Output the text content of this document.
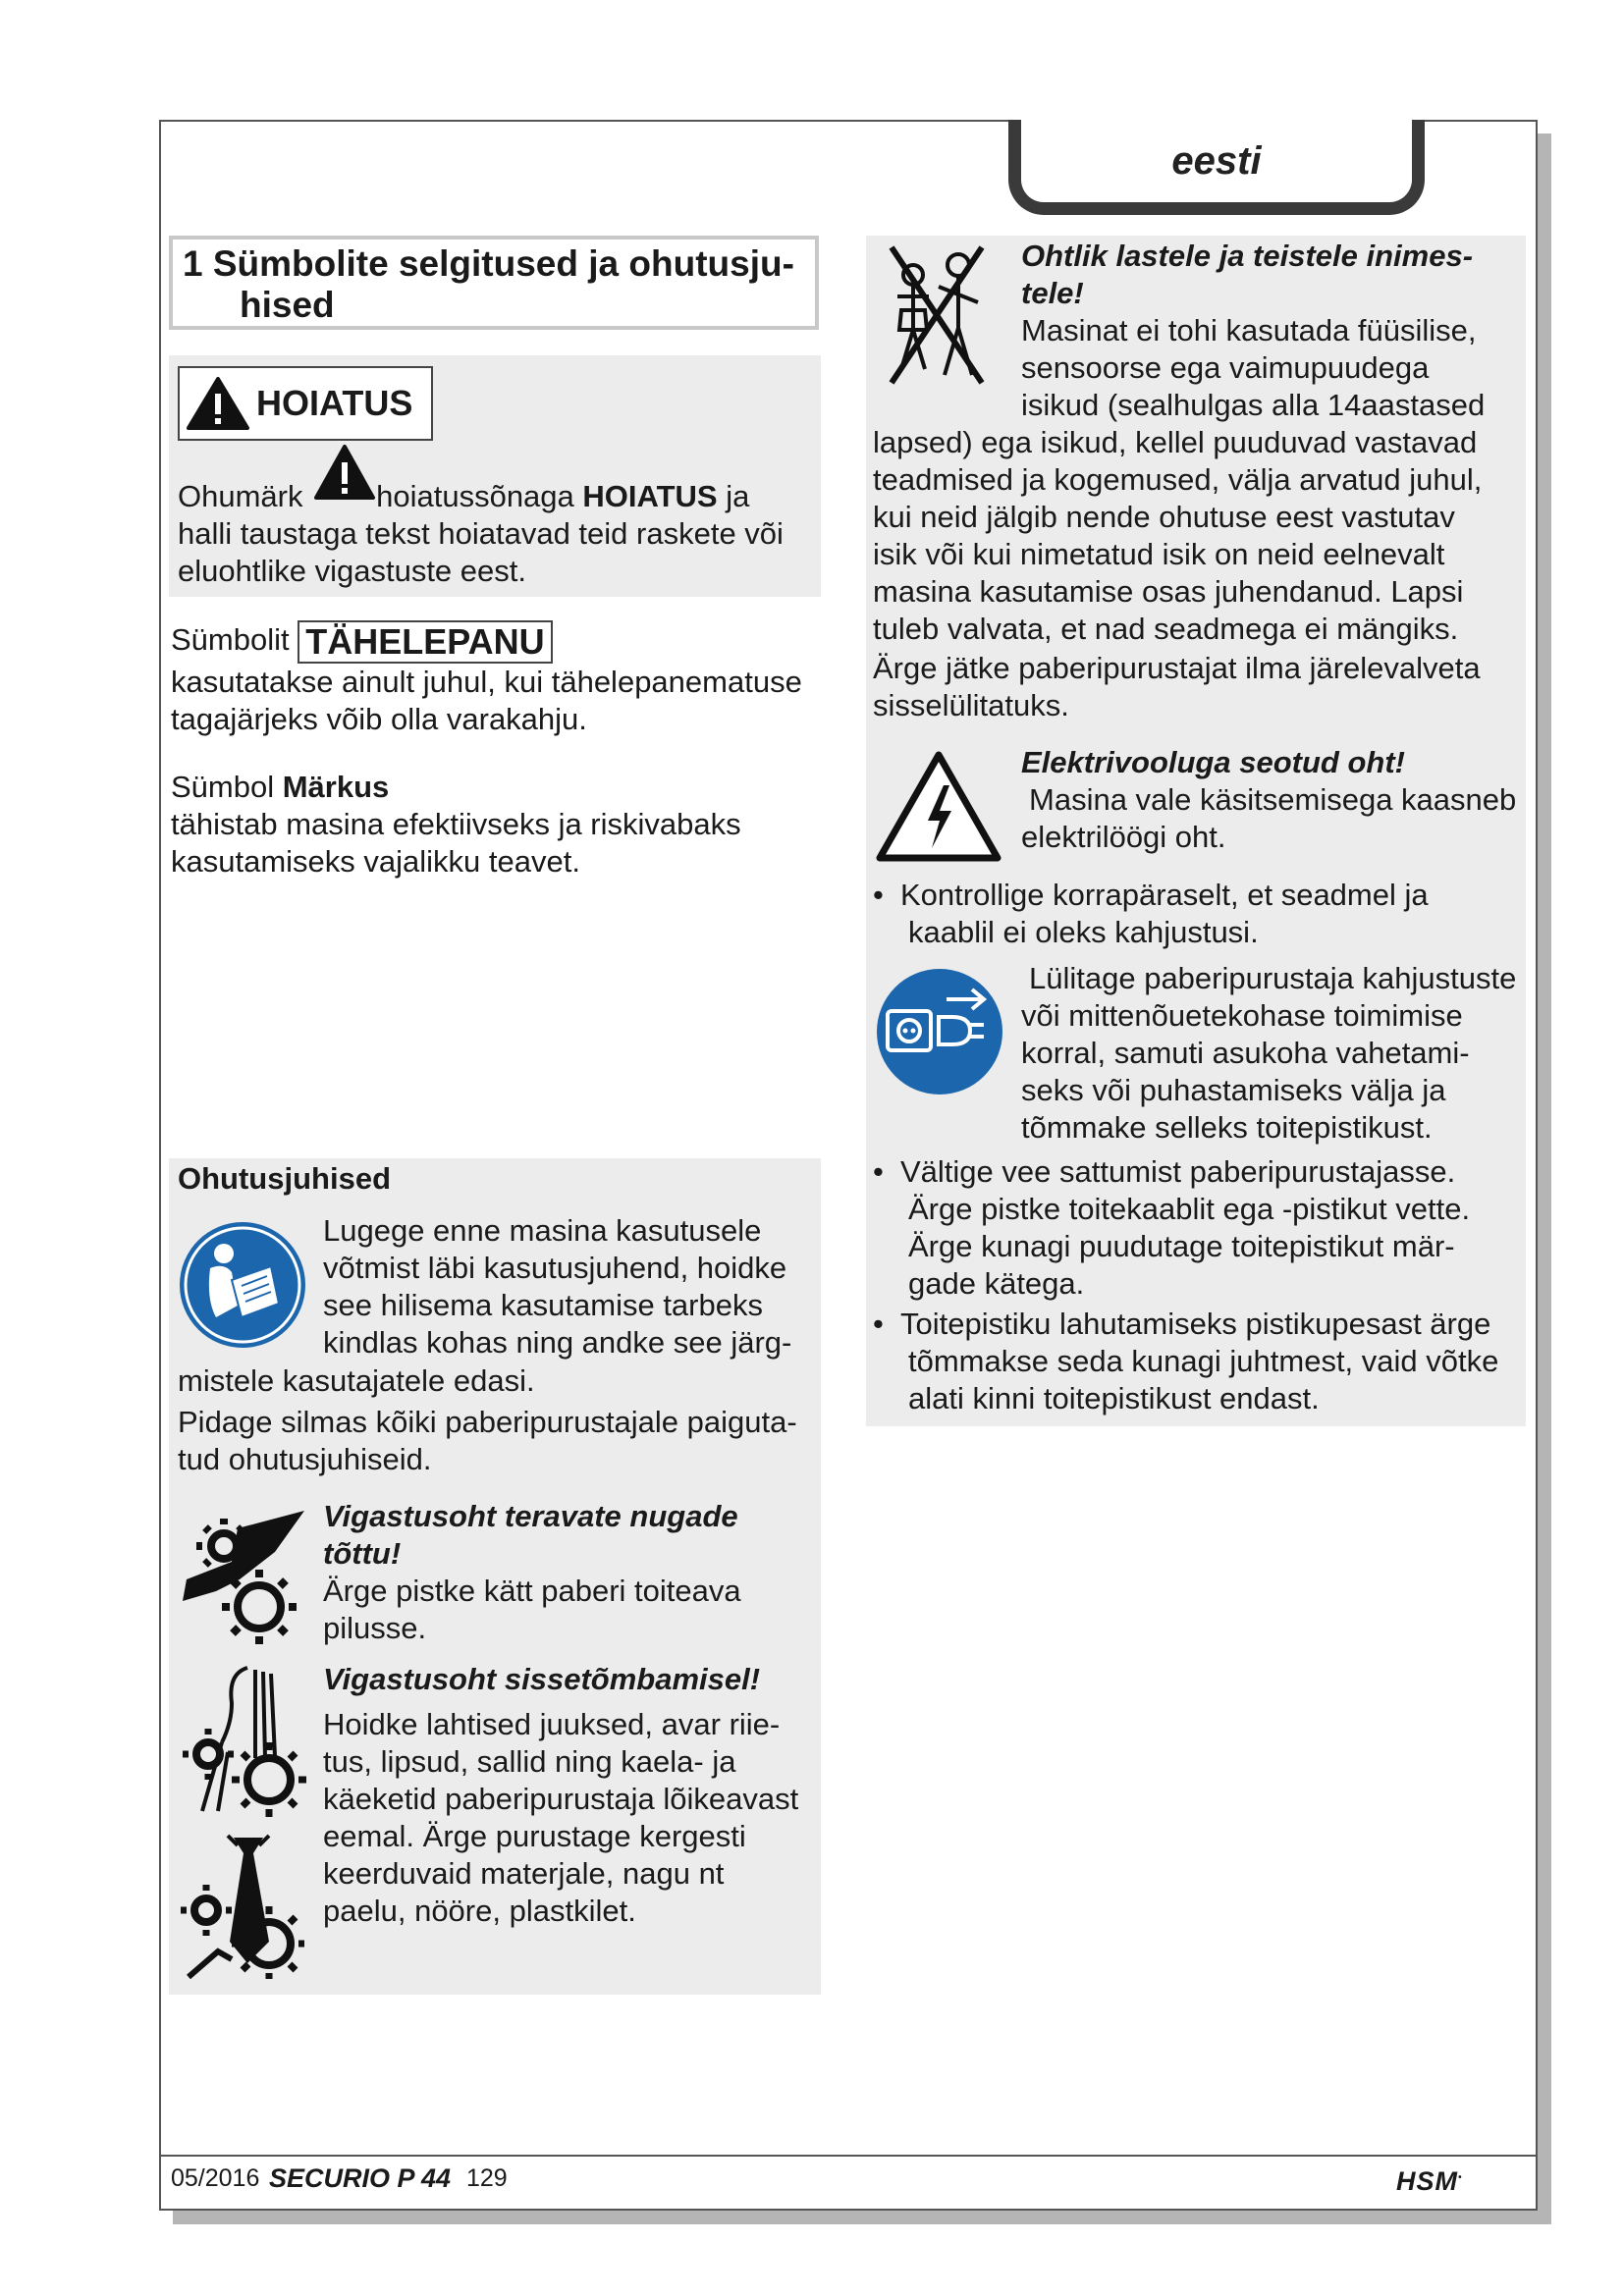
eesti
1 Sümbolite selgitused ja ohutusju-
hised
HOIATUS
Ohumärk hoiatussõnaga HOIATUS ja
halli taustaga tekst hoiatavad teid raskete või
eluohtlike vigastuste eest.
Sümbolit TÄHELEPANU
kasutatakse ainult juhul, kui tähelepanematuse
tagajärjeks võib olla varakahju.
Sümbol Märkus
tähistab masina efektiivseks ja riskivabaks
kasutamiseks vajalikku teavet.
Ohutusjuhised
Lugege enne masina kasutusele
võtmist läbi kasutusjuhend, hoidke
see hilisema kasutamise tarbeks
kindlas kohas ning andke see järg-
mistele kasutajatele edasi.
Pidage silmas kõiki paberipurustajale paiguta-
tud ohutusjuhiseid.
Vigastusoht teravate nugade
tõttu!
Ärge pistke kätt paberi toiteava
pilusse.
Vigastusoht sissetõmbamisel!
Hoidke lahtised juuksed, avar riie-
tus, lipsud, sallid ning kaela- ja
käeketid paberipurustaja lõikeavast
eemal. Ärge purustage kergesti
keerduvaid materjale, nagu nt
paelu, nööre, plastkilet.
Ohtlik lastele ja teistele inimes-
tele!
Masinat ei tohi kasutada füüsilise,
sensoorse ega vaimupuudega
isikud (sealhulgas alla 14aastased
lapsed) ega isikud, kellel puuduvad vastavad
teadmised ja kogemused, välja arvatud juhul,
kui neid jälgib nende ohutuse eest vastutav
isik või kui nimetatud isik on neid eelnevalt
masina kasutamise osas juhendanud. Lapsi
tuleb valvata, et nad seadmega ei mängiks.
Ärge jätke paberipurustajat ilma järelevalveta
sisselülitatuks.
Elektrivooluga seotud oht!
Masina vale käsitsemisega kaasneb
elektrilöögi oht.
• Kontrollige korrapäraselt, et seadmel ja
kaablil ei oleks kahjustusi.
Lülitage paberipurustaja kahjustuste
või mittenõuetekohase toimimise
korral, samuti asukoha vahetami-
seks või puhastamiseks välja ja
tõmmake selleks toitepistikust.
• Vältige vee sattumist paberipurustajasse.
Ärge pistke toitekaablit ega -pistikut vette.
Ärge kunagi puudutage toitepistikut mär-
gade kätega.
• Toitepistiku lahutamiseks pistikupesast ärge
tõmmakse seda kunagi juhtmest, vaid võtke
alati kinni toitepistikust endast.
05/2016 SECURIO P 44 129	HSM•
